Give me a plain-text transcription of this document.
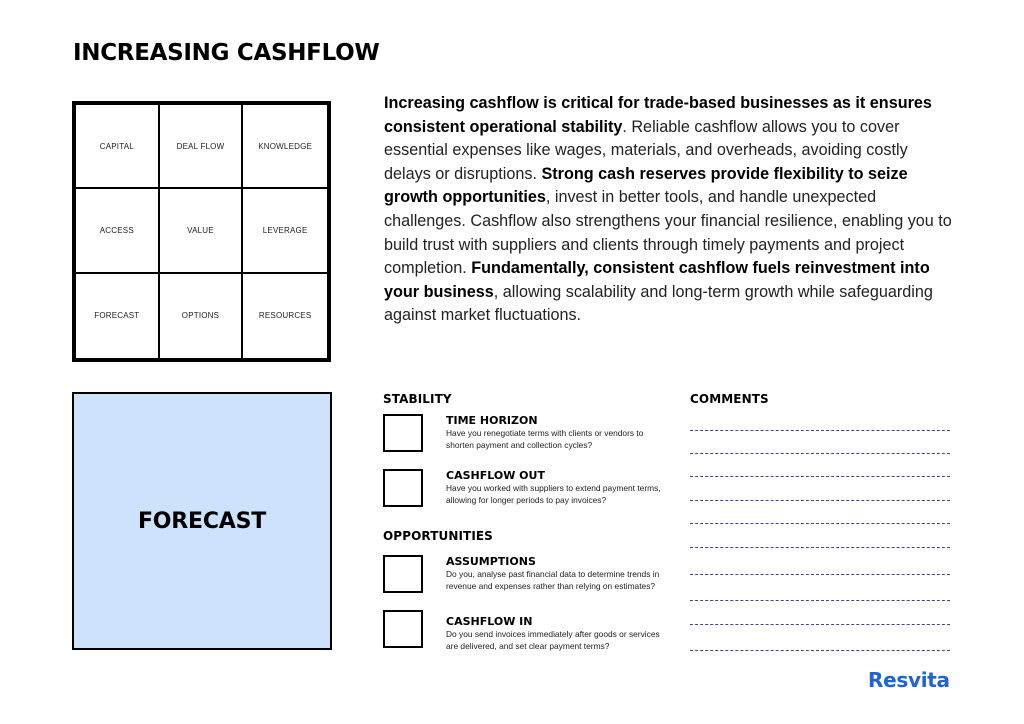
INCREASING CASHFLOW
CAPITAL	DEAL FLOW	KNOWLEDGE
ACCESS	VALUE	LEVERAGE
FORECAST	OPTIONS	RESOURCES

Increasing cashflow is critical for trade-based businesses as it ensures consistent operational stability. Reliable cashflow allows you to cover essential expenses like wages, materials, and overheads, avoiding costly delays or disruptions. Strong cash reserves provide flexibility to seize growth opportunities, invest in better tools, and handle unexpected challenges. Cashflow also strengthens your financial resilience, enabling you to build trust with suppliers and clients through timely payments and project completion. Fundamentally, consistent cashflow fuels reinvestment into your business, allowing scalability and long-term growth while safeguarding against market fluctuations.

FORECAST
STABILITY
OPPORTUNITIES
COMMENTS
TIME HORIZON
Have you renegotiate terms with clients or vendors to shorten payment and collection cycles?
CASHFLOW OUT
Have you worked with suppliers to extend payment terms, allowing for longer periods to pay invoices?
ASSUMPTIONS
Do you, analyse past financial data to determine trends in revenue and expenses rather than relying on estimates?
CASHFLOW IN
Do you send invoices immediately after goods or services are delivered, and set clear payment terms?
Resvita
